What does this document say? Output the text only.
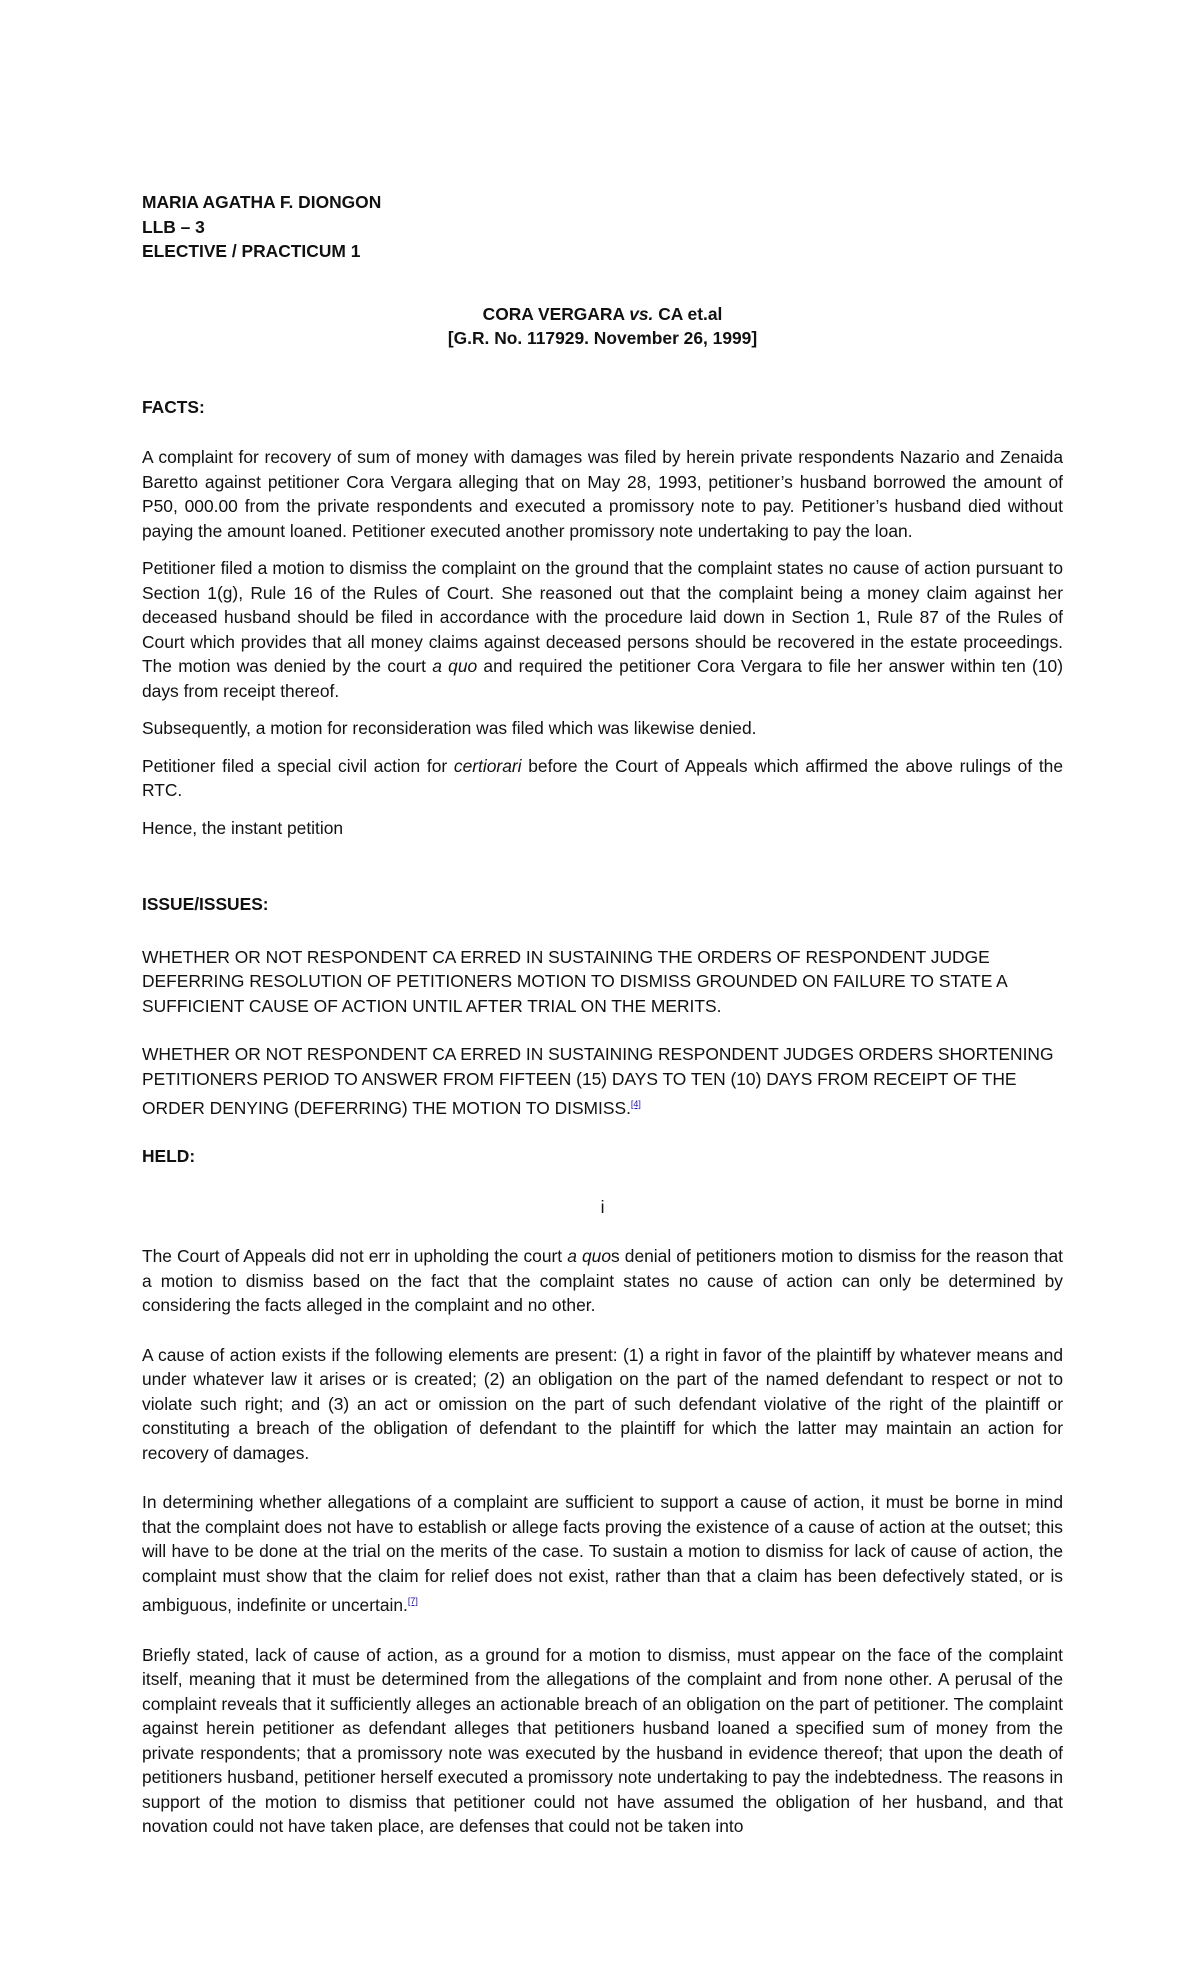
MARIA AGATHA F. DIONGON

LLB – 3

ELECTIVE / PRACTICUM 1

CORA VERGARA vs. CA et.al

[G.R. No. 117929. November 26, 1999]

FACTS:

A complaint for recovery of sum of money with damages was filed by herein private respondents Nazario and Zenaida Baretto against petitioner Cora Vergara alleging that on May 28, 1993, petitioner’s husband borrowed the amount of P50, 000.00 from the private respondents and executed a promissory note to pay. Petitioner’s husband died without paying the amount loaned. Petitioner executed another promissory note undertaking to pay the loan.

Petitioner filed a motion to dismiss the complaint on the ground that the complaint states no cause of action pursuant to Section 1(g), Rule 16 of the Rules of Court. She reasoned out that the complaint being a money claim against her deceased husband should be filed in accordance with the procedure laid down in Section 1, Rule 87 of the Rules of Court which provides that all money claims against deceased persons should be recovered in the estate proceedings. The motion was denied by the court a quo and required the petitioner Cora Vergara to file her answer within ten (10) days from receipt thereof.

Subsequently, a motion for reconsideration was filed which was likewise denied.

Petitioner filed a special civil action for certiorari before the Court of Appeals which affirmed the above rulings of the RTC.

Hence, the instant petition

ISSUE/ISSUES:

WHETHER OR NOT RESPONDENT CA ERRED IN SUSTAINING THE ORDERS OF RESPONDENT JUDGE DEFERRING RESOLUTION OF PETITIONERS MOTION TO DISMISS GROUNDED ON FAILURE TO STATE A SUFFICIENT CAUSE OF ACTION UNTIL AFTER TRIAL ON THE MERITS.

WHETHER OR NOT RESPONDENT CA ERRED IN SUSTAINING RESPONDENT JUDGES ORDERS SHORTENING PETITIONERS PERIOD TO ANSWER FROM FIFTEEN (15) DAYS TO TEN (10) DAYS FROM RECEIPT OF THE ORDER DENYING (DEFERRING) THE MOTION TO DISMISS.[4]

HELD:

i

The Court of Appeals did not err in upholding the court a quos denial of petitioners motion to dismiss for the reason that a motion to dismiss based on the fact that the complaint states no cause of action can only be determined by considering the facts alleged in the complaint and no other.

A cause of action exists if the following elements are present: (1) a right in favor of the plaintiff by whatever means and under whatever law it arises or is created; (2) an obligation on the part of the named defendant to respect or not to violate such right; and (3) an act or omission on the part of such defendant violative of the right of the plaintiff or constituting a breach of the obligation of defendant to the plaintiff for which the latter may maintain an action for recovery of damages.

In determining whether allegations of a complaint are sufficient to support a cause of action, it must be borne in mind that the complaint does not have to establish or allege facts proving the existence of a cause of action at the outset; this will have to be done at the trial on the merits of the case. To sustain a motion to dismiss for lack of cause of action, the complaint must show that the claim for relief does not exist, rather than that a claim has been defectively stated, or is ambiguous, indefinite or uncertain.[7]

Briefly stated, lack of cause of action, as a ground for a motion to dismiss, must appear on the face of the complaint itself, meaning that it must be determined from the allegations of the complaint and from none other. A perusal of the complaint reveals that it sufficiently alleges an actionable breach of an obligation on the part of petitioner. The complaint against herein petitioner as defendant alleges that petitioners husband loaned a specified sum of money from the private respondents; that a promissory note was executed by the husband in evidence thereof; that upon the death of petitioners husband, petitioner herself executed a promissory note undertaking to pay the indebtedness. The reasons in support of the motion to dismiss that petitioner could not have assumed the obligation of her husband, and that novation could not have taken place, are defenses that could not be taken into
